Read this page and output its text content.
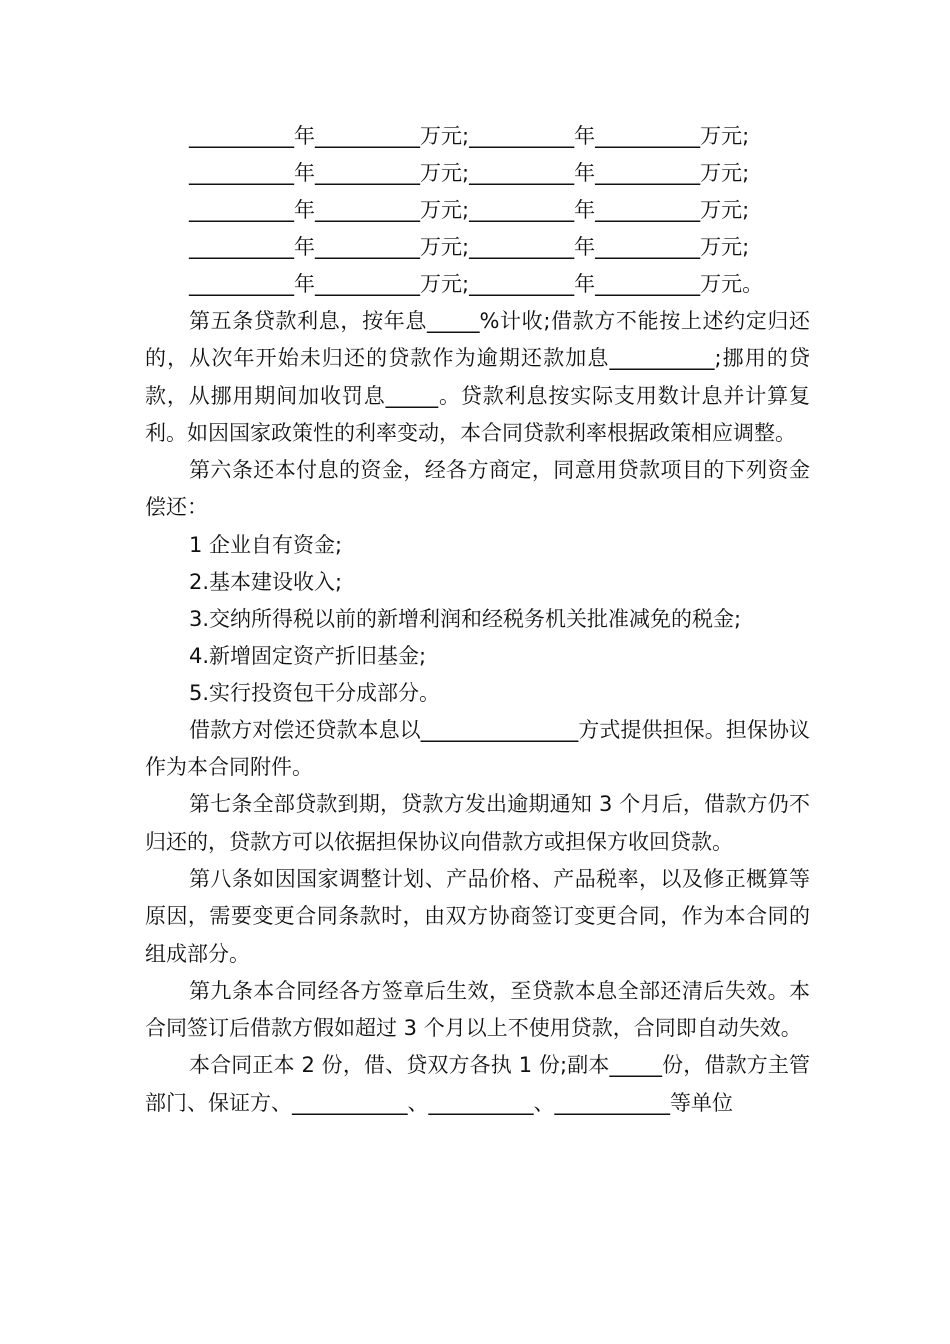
__________年__________万元;__________年__________万元;
__________年__________万元;__________年__________万元;
__________年__________万元;__________年__________万元;
__________年__________万元;__________年__________万元;
__________年__________万元;__________年__________万元。

第五条贷款利息，按年息_____%计收;借款方不能按上述约定归还的，从次年开始未归还的贷款作为逾期还款加息__________;挪用的贷款，从挪用期间加收罚息_____。贷款利息按实际支用数计息并计算复利。如因国家政策性的利率变动，本合同贷款利率根据政策相应调整。

第六条还本付息的资金，经各方商定，同意用贷款项目的下列资金偿还：

1 企业自有资金;
2.基本建设收入;
3.交纳所得税以前的新增利润和经税务机关批准减免的税金;
4.新增固定资产折旧基金;
5.实行投资包干分成部分。

借款方对偿还贷款本息以_______________方式提供担保。担保协议作为本合同附件。

第七条全部贷款到期，贷款方发出逾期通知 3 个月后，借款方仍不归还的，贷款方可以依据担保协议向借款方或担保方收回贷款。

第八条如因国家调整计划、产品价格、产品税率，以及修正概算等原因，需要变更合同条款时，由双方协商签订变更合同，作为本合同的组成部分。

第九条本合同经各方签章后生效，至贷款本息全部还清后失效。本合同签订后借款方假如超过 3 个月以上不使用贷款，合同即自动失效。

本合同正本 2 份，借、贷双方各执 1 份;副本_____份，借款方主管部门、保证方、___________、__________、___________等单位
